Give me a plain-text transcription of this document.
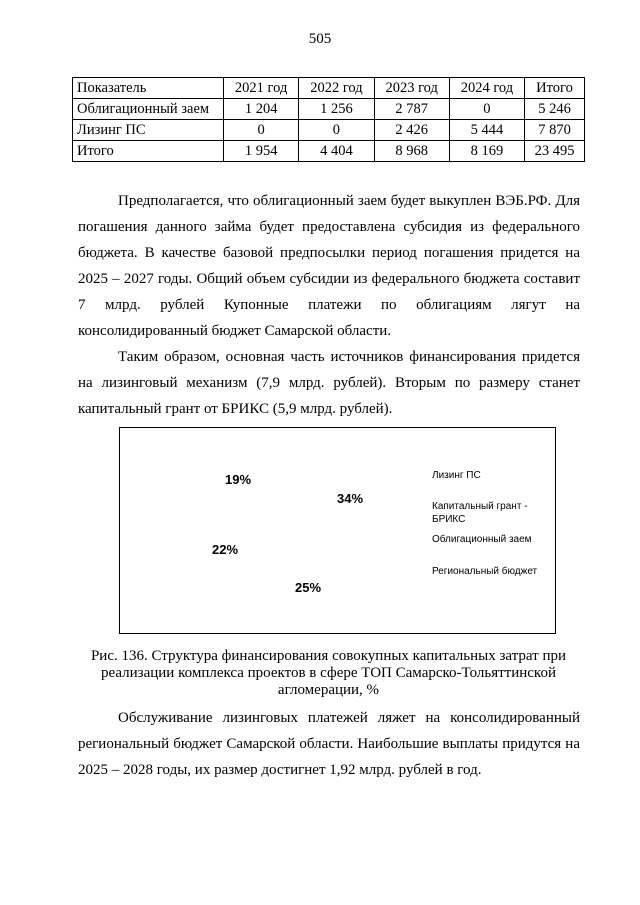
505
Показатель	2021 год	2022 год	2023 год	2024 год	Итого
Облигационный заем	1 204	1 256	2 787	0	5 246
Лизинг ПС	0	0	2 426	5 444	7 870
Итого	1 954	4 404	8 968	8 169	23 495

Предполагается, что облигационный заем будет выкуплен ВЭБ.РФ. Для погашения данного займа будет предоставлена субсидия из федерального бюджета. В качестве базовой предпосылки период погашения придется на 2025 – 2027 годы. Общий объем субсидии из федерального бюджета составит 7 млрд. рублей Купонные платежи по облигациям лягут на консолидированный бюджет Самарской области.

Таким образом, основная часть источников финансирования придется на лизинговый механизм (7,9 млрд. рублей). Вторым по размеру станет капитальный грант от БРИКС (5,9 млрд. рублей).

34%
25%
22%
19%	Лизинг ПС
Капитальный грант -
БРИКС
Облигационный заем
Региональный бюджет
Рис. 136. Структура финансирования совокупных капитальных затрат при реализации комплекса проектов в сфере ТОП Самарско-Тольяттинской агломерации, %

Обслуживание лизинговых платежей ляжет на консолидированный региональный бюджет Самарской области. Наибольшие выплаты придутся на 2025 – 2028 годы, их размер достигнет 1,92 млрд. рублей в год.
